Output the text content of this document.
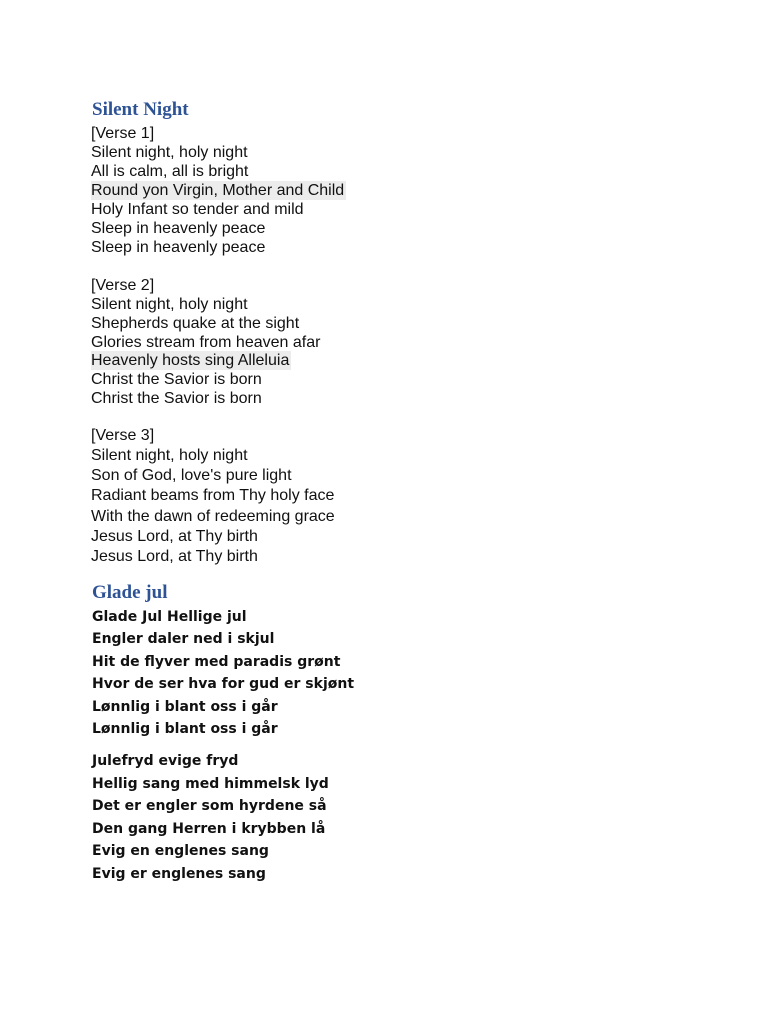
Silent Night
[Verse 1]
Silent night, holy night
All is calm, all is bright
Round yon Virgin, Mother and Child
Holy Infant so tender and mild
Sleep in heavenly peace
Sleep in heavenly peace
[Verse 2]
Silent night, holy night
Shepherds quake at the sight
Glories stream from heaven afar
Heavenly hosts sing Alleluia
Christ the Savior is born
Christ the Savior is born
[Verse 3]
Silent night, holy night
Son of God, love's pure light
Radiant beams from Thy holy face
With the dawn of redeeming grace
Jesus Lord, at Thy birth
Jesus Lord, at Thy birth
Glade jul
Glade Jul Hellige jul
Engler daler ned i skjul
Hit de flyver med paradis grønt
Hvor de ser hva for gud er skjønt
Lønnlig i blant oss i går
Lønnlig i blant oss i går
Julefryd evige fryd
Hellig sang med himmelsk lyd
Det er engler som hyrdene så
Den gang Herren i krybben lå
Evig en englenes sang
Evig er englenes sang
